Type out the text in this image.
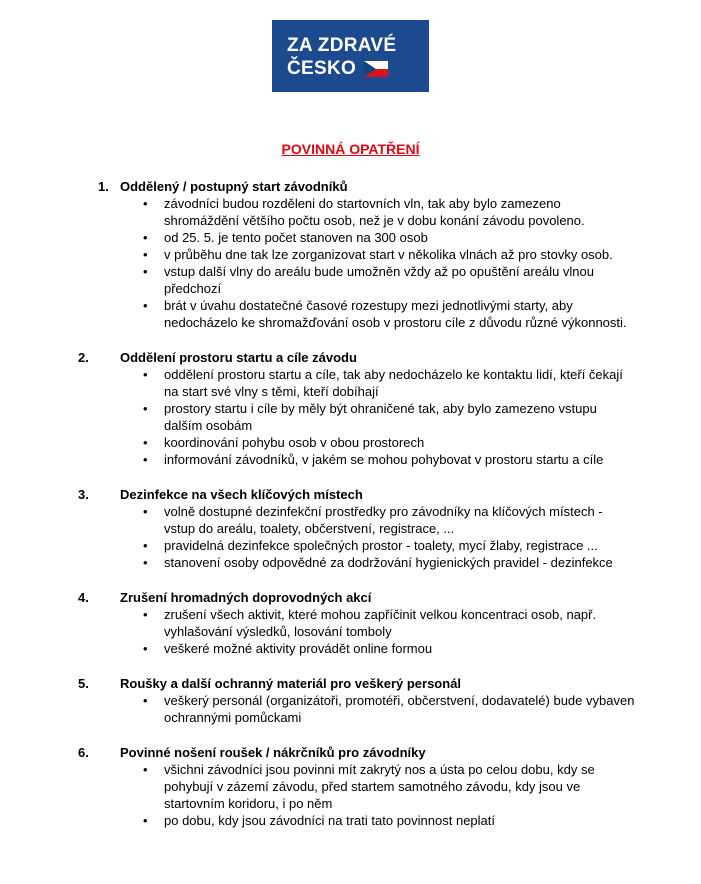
ZA ZDRAVÉ
ČESKO
POVINNÁ OPATŘENÍ
1. Oddělený / postupný start závodníků
• závodníci budou rozděleni do startovních vln, tak aby bylo zamezeno shromáždění většího počtu osob, než je v dobu konání závodu povoleno.
• od 25. 5. je tento počet stanoven na 300 osob
• v průběhu dne tak lze zorganizovat start v několika vlnách až pro stovky osob.
• vstup další vlny do areálu bude umožněn vždy až po opuštění areálu vlnou předchozí
• brát v úvahu dostatečné časové rozestupy mezi jednotlivými starty, aby nedocházelo ke shromažďování osob v prostoru cíle z důvodu různé výkonnosti.
2. Oddělení prostoru startu a cíle závodu
• oddělení prostoru startu a cíle, tak aby nedocházelo ke kontaktu lidí, kteří čekají na start své vlny s těmi, kteří dobíhají
• prostory startu i cíle by měly být ohraničené tak, aby bylo zamezeno vstupu dalším osobám
• koordinování pohybu osob v obou prostorech
• informování závodníků, v jakém se mohou pohybovat v prostoru startu a cíle
3. Dezinfekce na všech klíčových místech
• volně dostupné dezinfekční prostředky pro závodníky na klíčových místech - vstup do areálu, toalety, občerstvení, registrace, ...
• pravidelná dezinfekce společných prostor - toalety, mycí žlaby, registrace ...
• stanovení osoby odpovědné za dodržování hygienických pravidel - dezinfekce
4. Zrušení hromadných doprovodných akcí
• zrušení všech aktivit, které mohou zapříčinit velkou koncentraci osob, např. vyhlašování výsledků, losování tomboly
• veškeré možné aktivity provádět online formou
5. Roušky a další ochranný materiál pro veškerý personál
• veškerý personál (organizátoři, promotéři, občerstvení, dodavatelé) bude vybaven ochrannými pomůckami
6. Povinné nošení roušek / nákrčníků pro závodníky
• všichni závodníci jsou povinni mít zakrytý nos a ústa po celou dobu, kdy se pohybují v zázemí závodu, před startem samotného závodu, kdy jsou ve startovním koridoru, i po něm
• po dobu, kdy jsou závodníci na trati tato povinnost neplatí
